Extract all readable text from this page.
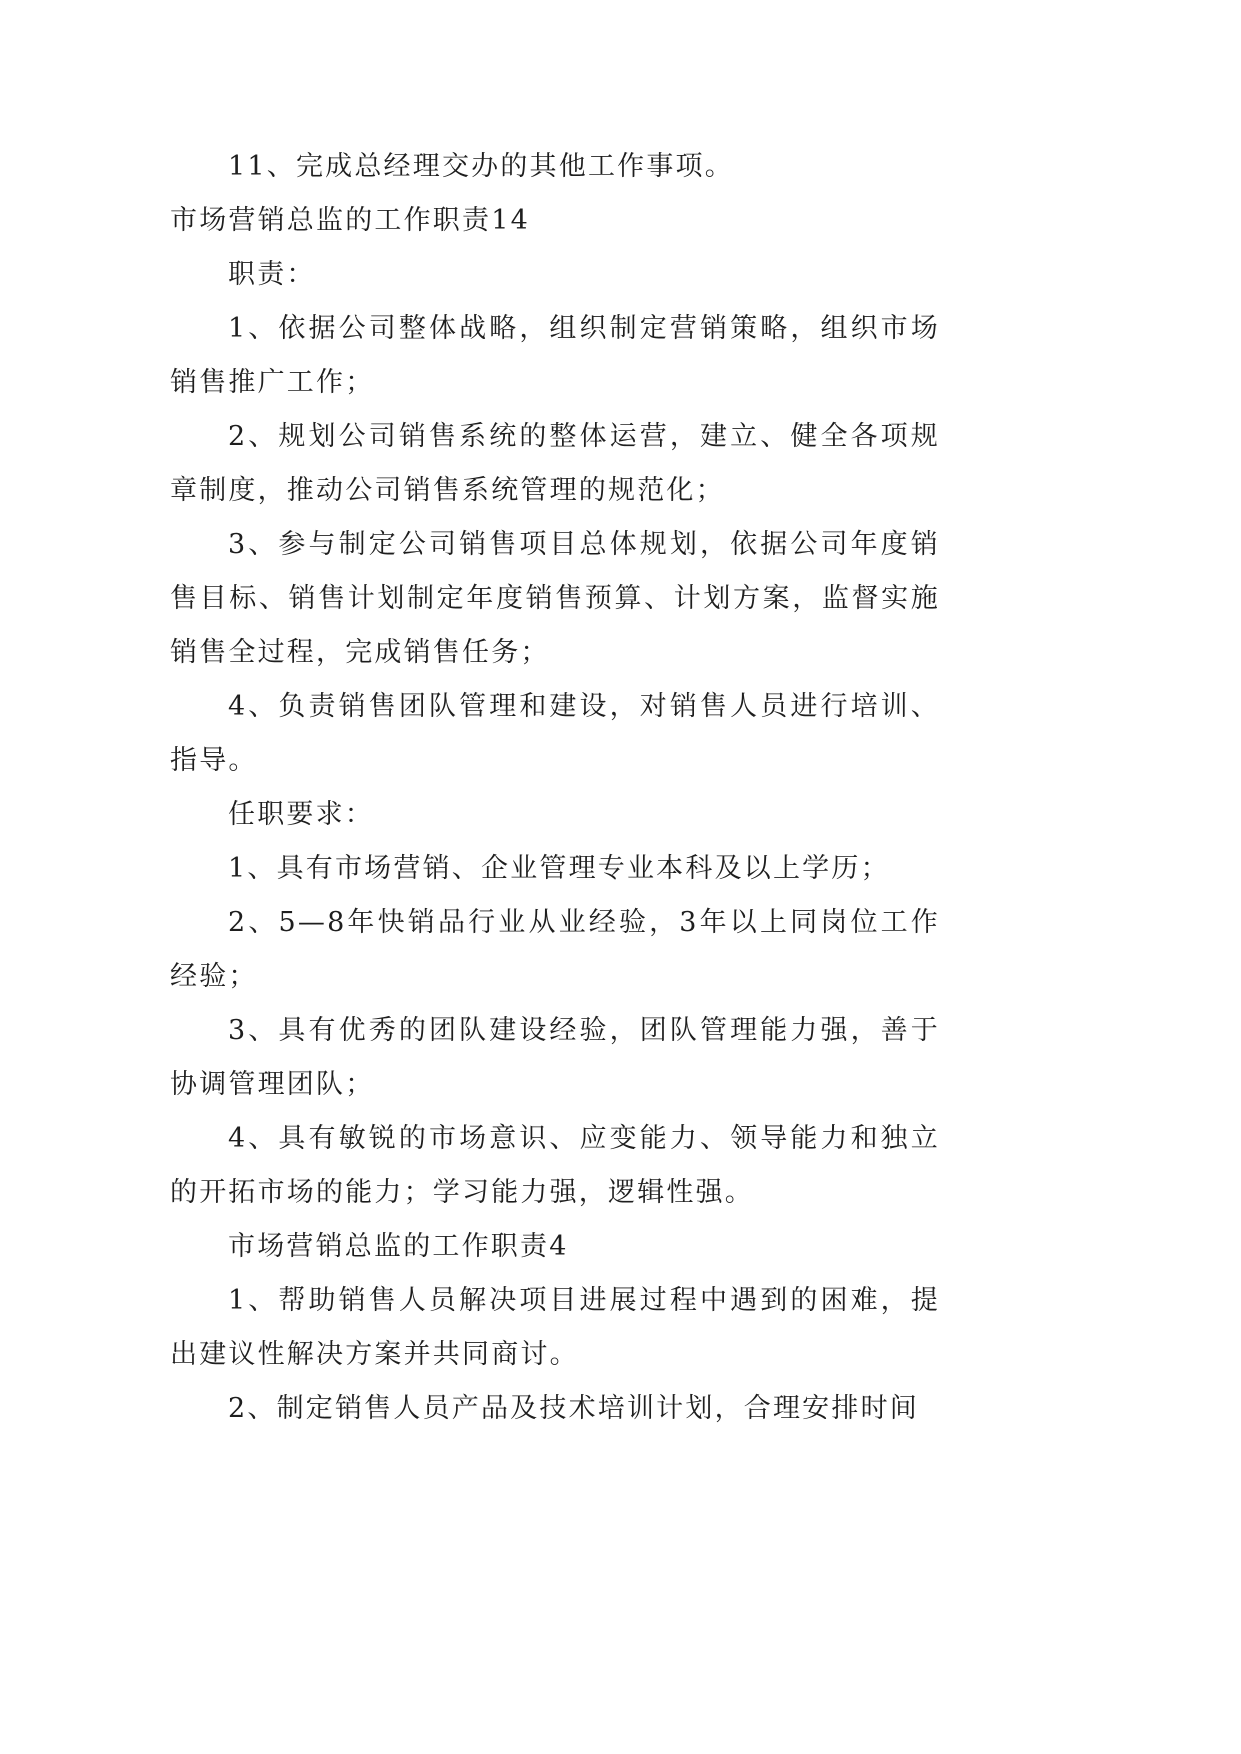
11、完成总经理交办的其他工作事项。

市场营销总监的工作职责14

职责：

1、依据公司整体战略，组织制定营销策略，组织市场销售推广工作；

2、规划公司销售系统的整体运营，建立、健全各项规章制度，推动公司销售系统管理的规范化；

3、参与制定公司销售项目总体规划，依据公司年度销售目标、销售计划制定年度销售预算、计划方案，监督实施销售全过程，完成销售任务；

4、负责销售团队管理和建设，对销售人员进行培训、指导。

任职要求：

1、具有市场营销、企业管理专业本科及以上学历；

2、5—8年快销品行业从业经验，3年以上同岗位工作经验；

3、具有优秀的团队建设经验，团队管理能力强，善于协调管理团队；

4、具有敏锐的市场意识、应变能力、领导能力和独立的开拓市场的能力；学习能力强，逻辑性强。

市场营销总监的工作职责4

1、帮助销售人员解决项目进展过程中遇到的困难，提出建议性解决方案并共同商讨。

2、制定销售人员产品及技术培训计划，合理安排时间
